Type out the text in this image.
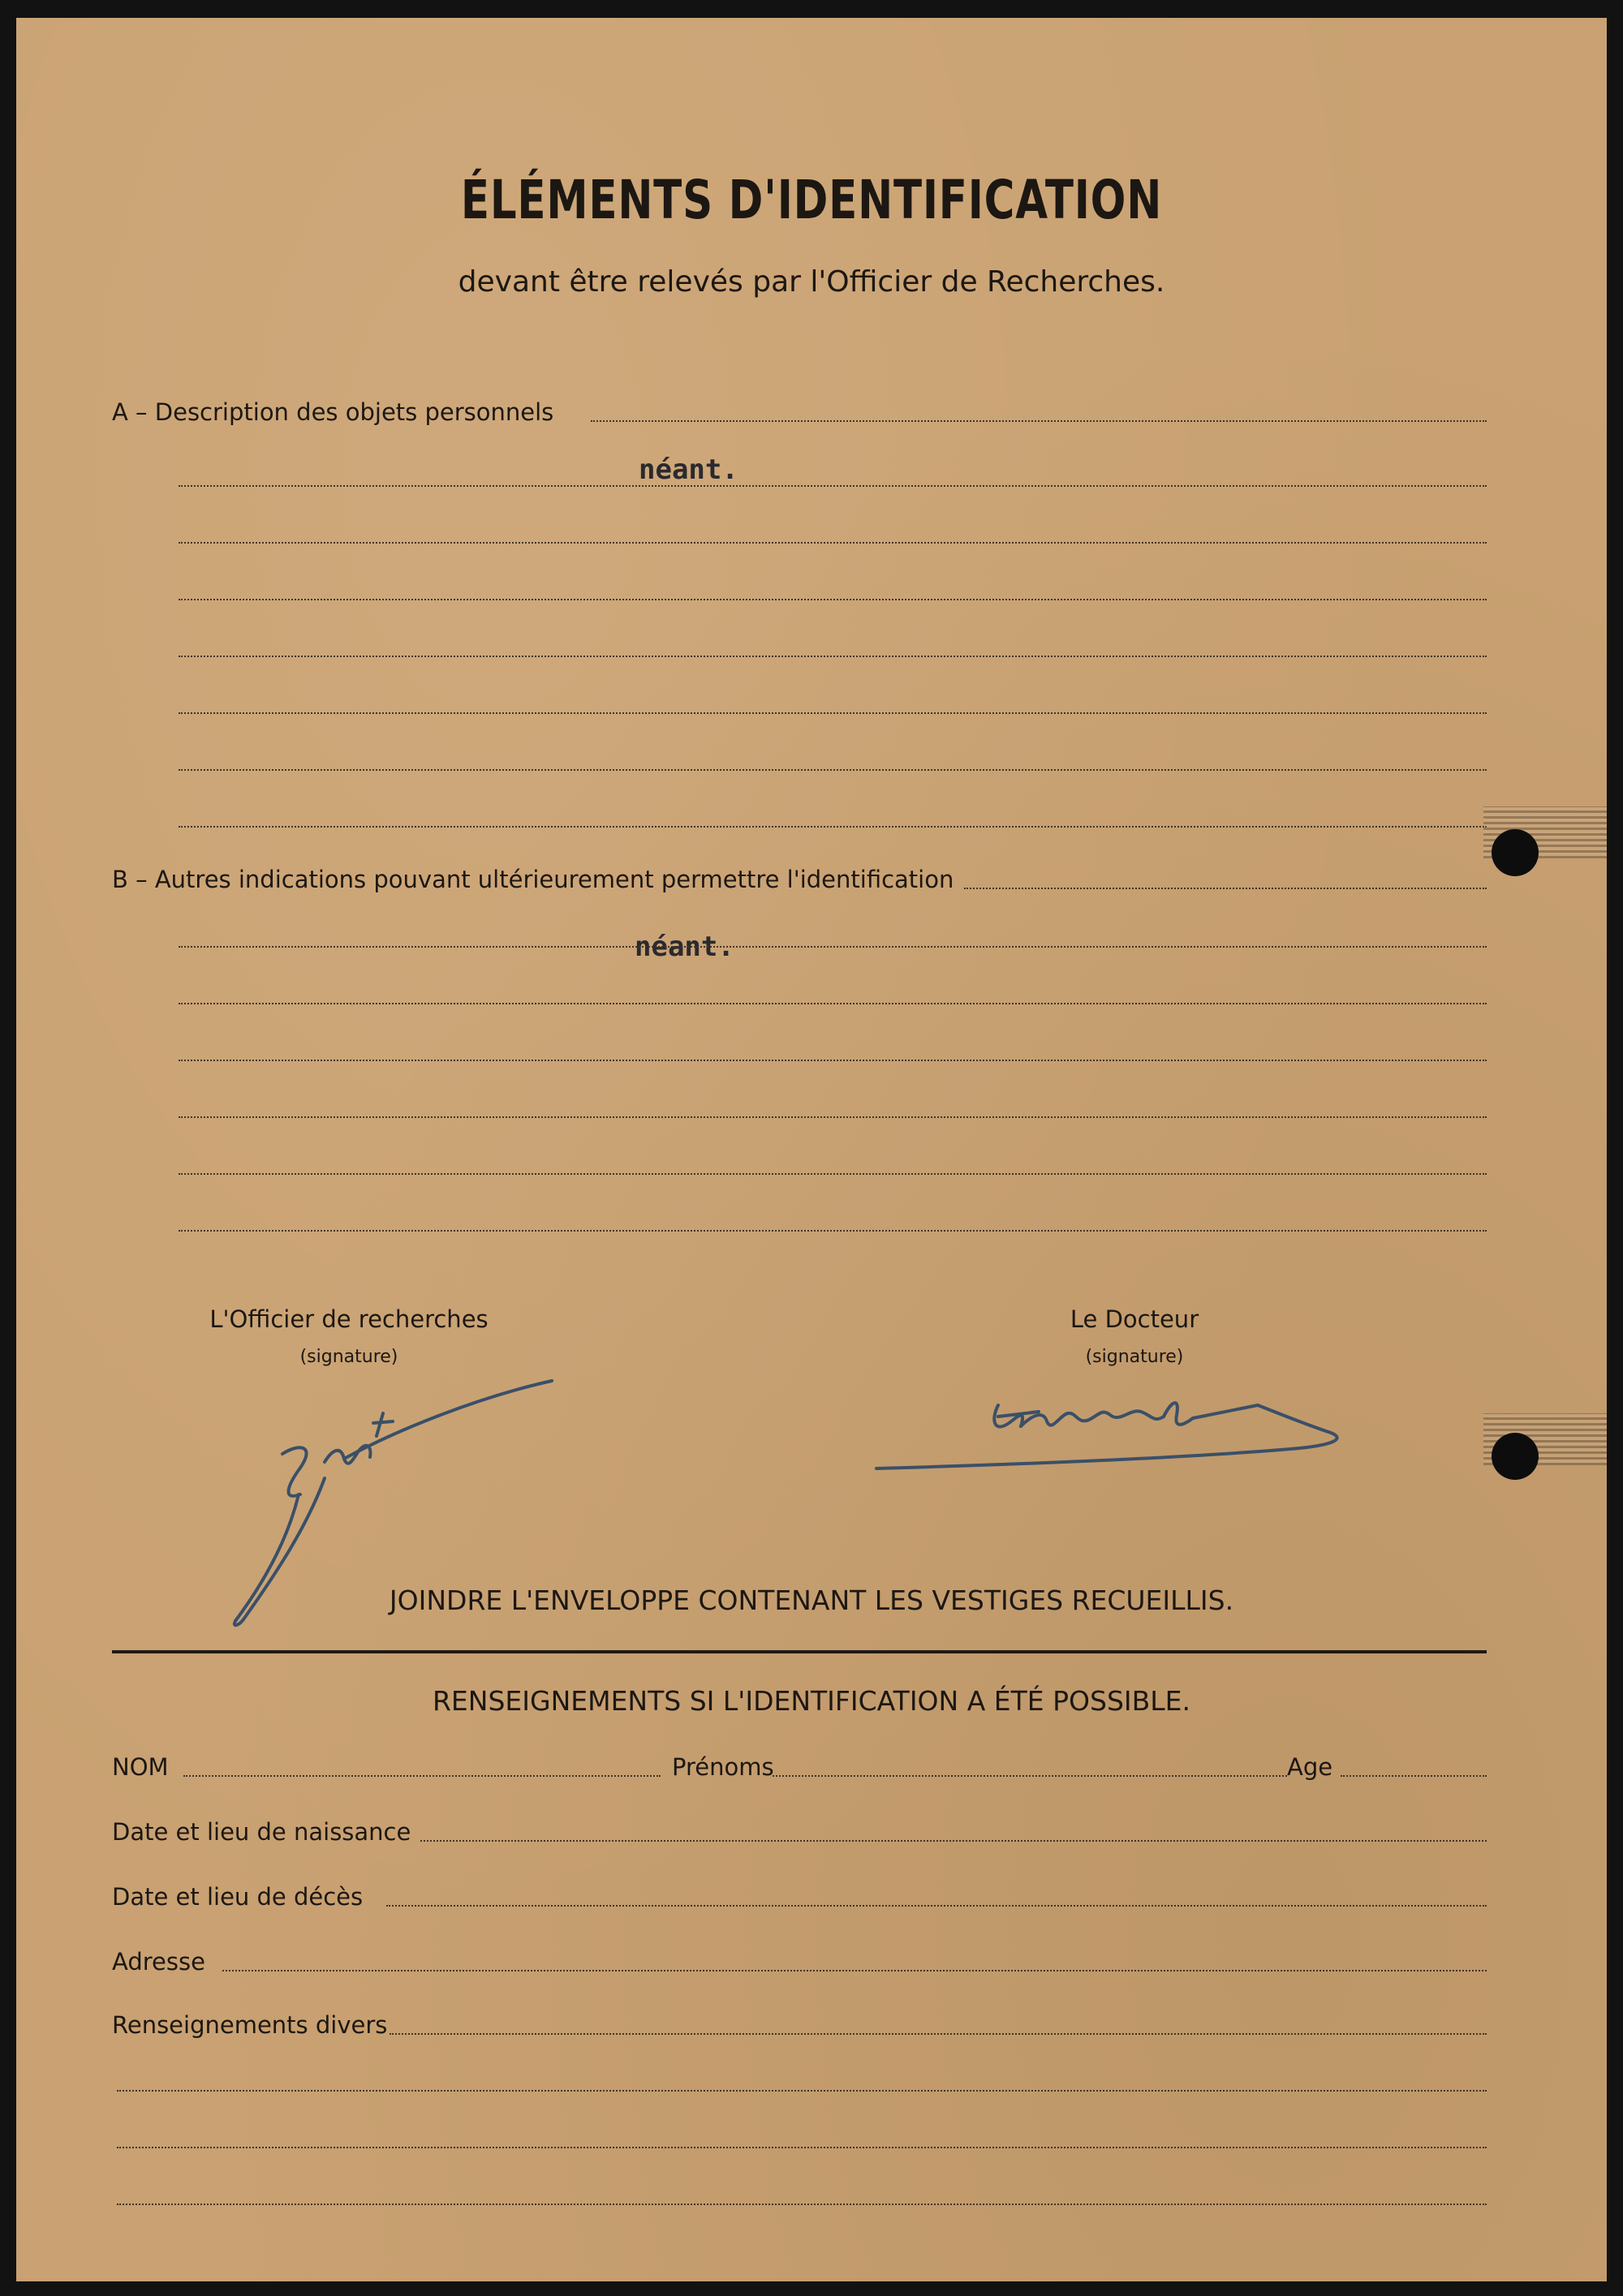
ÉLÉMENTS D'IDENTIFICATION
devant être relevés par l'Officier de Recherches.
A – Description des objets personnels
néant.
B – Autres indications pouvant ultérieurement permettre l'identification
néant.
L'Officier de recherches
(signature)
Le Docteur
(signature)
JOINDRE L'ENVELOPPE CONTENANT LES VESTIGES RECUEILLIS.
RENSEIGNEMENTS SI L'IDENTIFICATION A ÉTÉ POSSIBLE.
NOM	Prénoms	Age
Date et lieu de naissance
Date et lieu de décès
Adresse
Renseignements divers
